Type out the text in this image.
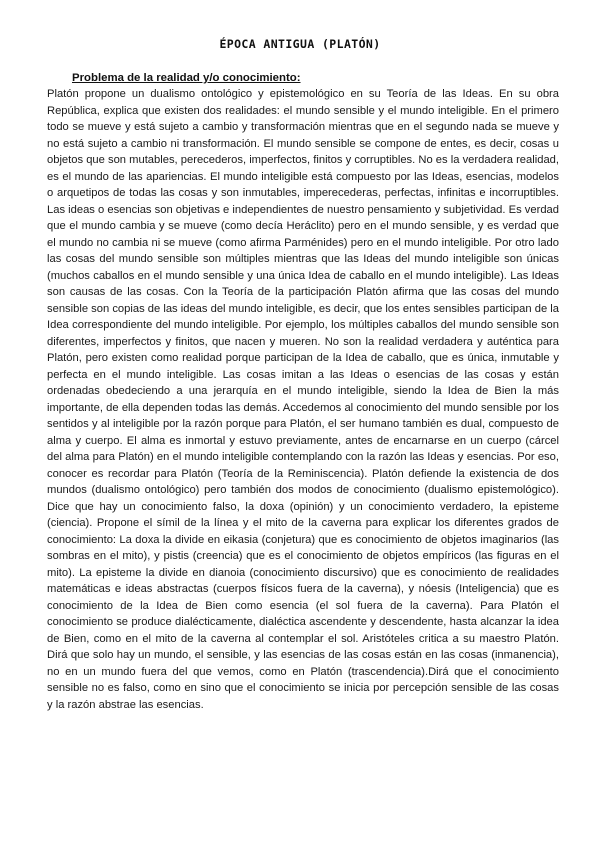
ÉPOCA ANTIGUA (PLATÓN)
Problema de la realidad y/o conocimiento:

Platón propone un dualismo ontológico y epistemológico en su Teoría de las Ideas. En su obra República, explica que existen dos realidades: el mundo sensible y el mundo inteligible. En el primero todo se mueve y está sujeto a cambio y transformación mientras que en el segundo nada se mueve y no está sujeto a cambio ni transformación. El mundo sensible se compone de entes, es decir, cosas u objetos que son mutables, perecederos, imperfectos, finitos y corruptibles. No es la verdadera realidad, es el mundo de las apariencias. El mundo inteligible está compuesto por las Ideas, esencias, modelos o arquetipos de todas las cosas y son inmutables, imperecederas, perfectas, infinitas e incorruptibles. Las ideas o esencias son objetivas e independientes de nuestro pensamiento y subjetividad. Es verdad que el mundo cambia y se mueve (como decía Heráclito) pero en el mundo sensible, y es verdad que el mundo no cambia ni se mueve (como afirma Parménides) pero en el mundo inteligible. Por otro lado las cosas del mundo sensible son múltiples mientras que las Ideas del mundo inteligible son únicas (muchos caballos en el mundo sensible y una única Idea de caballo en el mundo inteligible). Las Ideas son causas de las cosas. Con la Teoría de la participación Platón afirma que las cosas del mundo sensible son copias de las ideas del mundo inteligible, es decir, que los entes sensibles participan de la Idea correspondiente del mundo inteligible. Por ejemplo, los múltiples caballos del mundo sensible son diferentes, imperfectos y finitos, que nacen y mueren. No son la realidad verdadera y auténtica para Platón, pero existen como realidad porque participan de la Idea de caballo, que es única, inmutable y perfecta en el mundo inteligible. Las cosas imitan a las Ideas o esencias de las cosas y están ordenadas obedeciendo a una jerarquía en el mundo inteligible, siendo la Idea de Bien la más importante, de ella dependen todas las demás. Accedemos al conocimiento del mundo sensible por los sentidos y al inteligible por la razón porque para Platón, el ser humano también es dual, compuesto de alma y cuerpo. El alma es inmortal y estuvo previamente, antes de encarnarse en un cuerpo (cárcel del alma para Platón) en el mundo inteligible contemplando con la razón las Ideas y esencias. Por eso, conocer es recordar para Platón (Teoría de la Reminiscencia). Platón defiende la existencia de dos mundos (dualismo ontológico) pero también dos modos de conocimiento (dualismo epistemológico). Dice que hay un conocimiento falso, la doxa (opinión) y un conocimiento verdadero, la episteme (ciencia). Propone el símil de la línea y el mito de la caverna para explicar los diferentes grados de conocimiento: La doxa la divide en eikasia (conjetura) que es conocimiento de objetos imaginarios (las sombras en el mito), y pistis (creencia) que es el conocimiento de objetos empíricos (las figuras en el mito). La episteme la divide en dianoia (conocimiento discursivo) que es conocimiento de realidades matemáticas e ideas abstractas (cuerpos físicos fuera de la caverna), y nóesis (Inteligencia) que es conocimiento de la Idea de Bien como esencia (el sol fuera de la caverna). Para Platón el conocimiento se produce dialécticamente, dialéctica ascendente y descendente, hasta alcanzar la idea de Bien, como en el mito de la caverna al contemplar el sol. Aristóteles critica a su maestro Platón. Dirá que solo hay un mundo, el sensible, y las esencias de las cosas están en las cosas (inmanencia), no en un mundo fuera del que vemos, como en Platón (trascendencia).Dirá que el conocimiento sensible no es falso, como en sino que el conocimiento se inicia por percepción sensible de las cosas y la razón abstrae las esencias.
